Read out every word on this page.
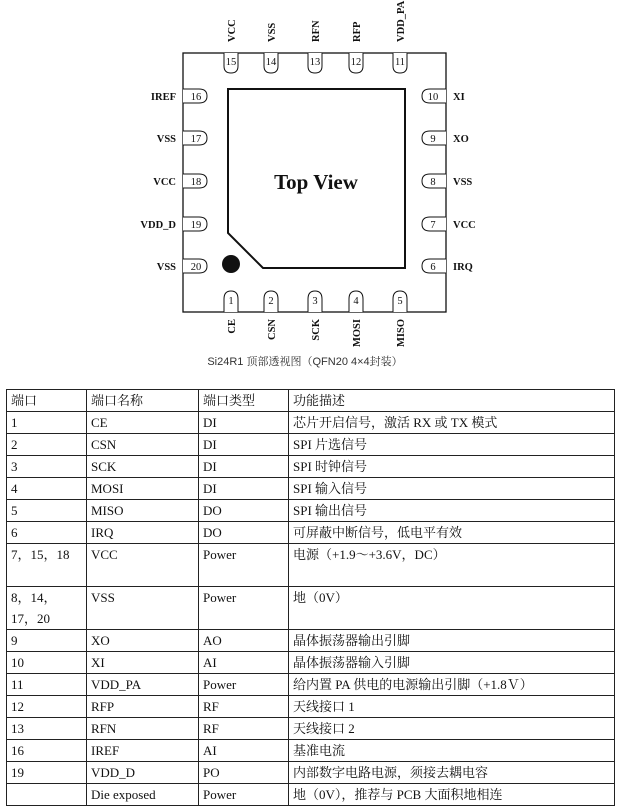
Top View
15
VCC
14
VSS
13
RFN
12
RFP
11
VDD_PA
1
CE
2
CSN
3
SCK
4
MOSI
5
MISO
16
IREF
17
VSS
18
VCC
19
VDD_D
20
VSS
10 XI
9 XO
8 VSS
7 VCC
6 IRQ
Si24R1 顶部透视图（QFN20 4×4封装）
端口	端口名称	端口类型	功能描述
1	CE	DI	芯片开启信号，激活 RX 或 TX 模式
2	CSN	DI	SPI 片选信号
3	SCK	DI	SPI 时钟信号
4	MOSI	DI	SPI 输入信号
5	MISO	DO	SPI 输出信号
6	IRQ	DO	可屏蔽中断信号，低电平有效
7，15，18	VCC	Power	电源（+1.9～+3.6V，DC）
8，14，17，20	VSS	Power	地（0V）
9	XO	AO	晶体振荡器输出引脚
10	XI	AI	晶体振荡器输入引脚
11	VDD_PA	Power	给内置 PA 供电的电源输出引脚（+1.8Ｖ）
12	RFP	RF	天线接口 1
13	RFN	RF	天线接口 2
16	IREF	AI	基准电流
19	VDD_D	PO	内部数字电路电源，须接去耦电容
	Die exposed	Power	地（0V），推荐与 PCB 大面积地相连
